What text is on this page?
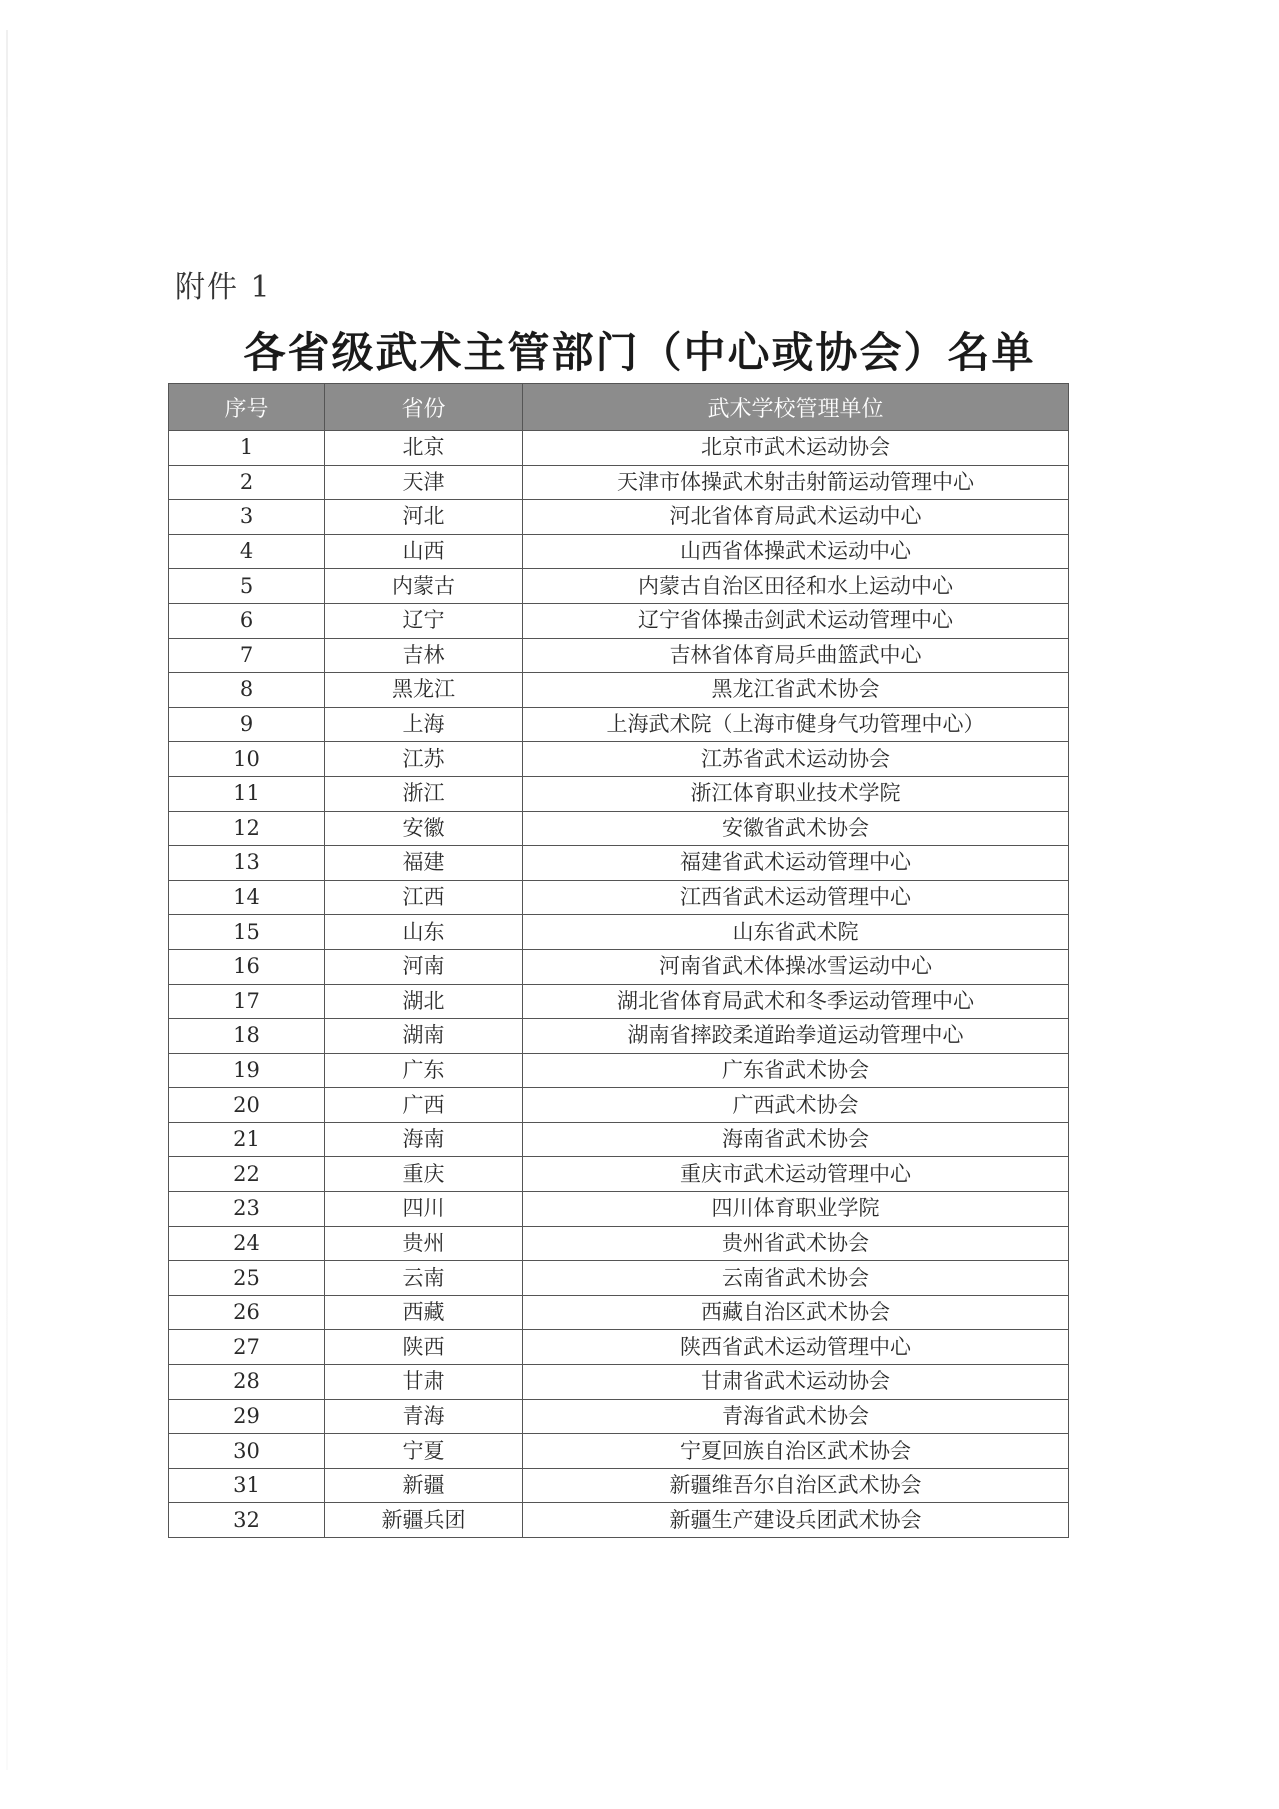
附件 1
各省级武术主管部门（中心或协会）名单
序号	省份	武术学校管理单位
1	北京	北京市武术运动协会
2	天津	天津市体操武术射击射箭运动管理中心
3	河北	河北省体育局武术运动中心
4	山西	山西省体操武术运动中心
5	内蒙古	内蒙古自治区田径和水上运动中心
6	辽宁	辽宁省体操击剑武术运动管理中心
7	吉林	吉林省体育局乒曲篮武中心
8	黑龙江	黑龙江省武术协会
9	上海	上海武术院（上海市健身气功管理中心）
10	江苏	江苏省武术运动协会
11	浙江	浙江体育职业技术学院
12	安徽	安徽省武术协会
13	福建	福建省武术运动管理中心
14	江西	江西省武术运动管理中心
15	山东	山东省武术院
16	河南	河南省武术体操冰雪运动中心
17	湖北	湖北省体育局武术和冬季运动管理中心
18	湖南	湖南省摔跤柔道跆拳道运动管理中心
19	广东	广东省武术协会
20	广西	广西武术协会
21	海南	海南省武术协会
22	重庆	重庆市武术运动管理中心
23	四川	四川体育职业学院
24	贵州	贵州省武术协会
25	云南	云南省武术协会
26	西藏	西藏自治区武术协会
27	陕西	陕西省武术运动管理中心
28	甘肃	甘肃省武术运动协会
29	青海	青海省武术协会
30	宁夏	宁夏回族自治区武术协会
31	新疆	新疆维吾尔自治区武术协会
32	新疆兵团	新疆生产建设兵团武术协会
